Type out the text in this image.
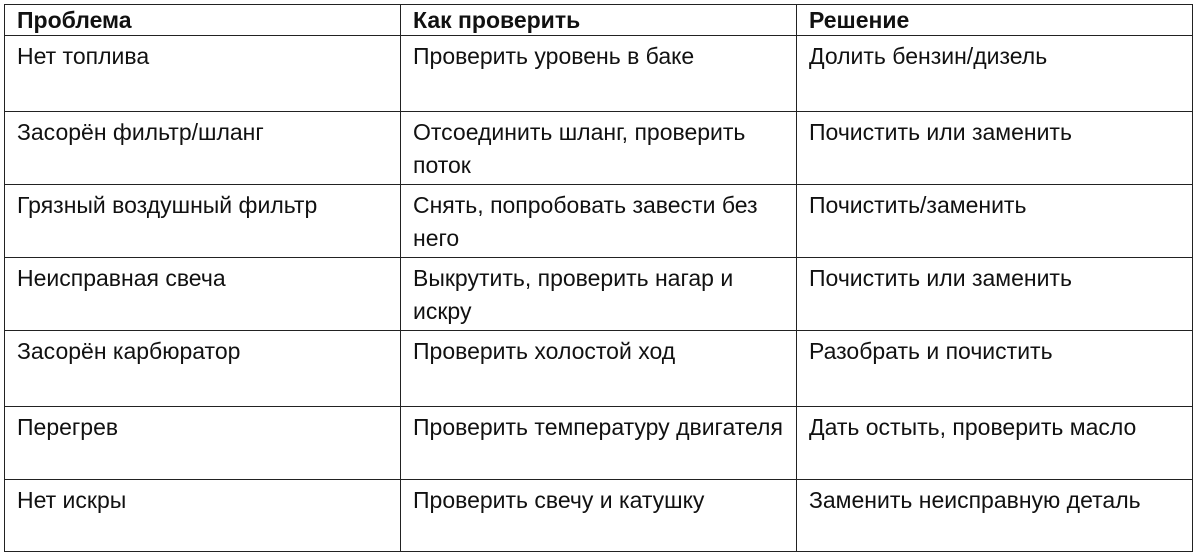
Проблема	Как проверить	Решение
Нет топлива	Проверить уровень в баке	Долить бензин/дизель
Засорён фильтр/шланг	Отсоединить шланг, проверить поток	Почистить или заменить
Грязный воздушный фильтр	Снять, попробовать завести без него	Почистить/заменить
Неисправная свеча	Выкрутить, проверить нагар и искру	Почистить или заменить
Засорён карбюратор	Проверить холостой ход	Разобрать и почистить
Перегрев	Проверить температуру двигателя	Дать остыть, проверить масло
Нет искры	Проверить свечу и катушку	Заменить неисправную деталь
